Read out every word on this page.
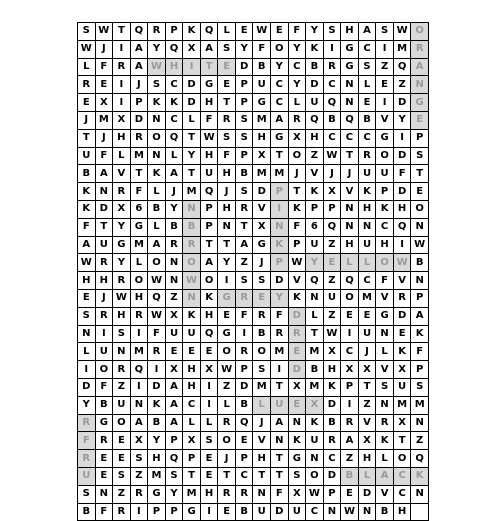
S	W	T	Q	R	P	K	Q	L	E	W	E	F	Y	S	H	A	S	W	O
W	J	I	A	Y	Q	X	A	S	Y	F	O	Y	K	I	G	C	I	M	R
L	F	R	A	W	H	I	T	E	D	B	Y	C	B	R	G	S	Z	Q	A
R	E	I	J	S	C	D	G	E	P	U	C	Y	D	C	N	L	E	Z	N
E	X	I	P	K	K	D	H	T	P	G	C	L	U	Q	N	E	I	D	G
J	M	X	D	N	C	L	F	R	S	M	A	R	Q	B	Q	B	V	Y	E
T	J	H	R	O	Q	T	W	S	S	H	G	X	H	C	C	C	G	I	P
U	F	L	M	N	L	Y	H	F	P	X	T	O	Z	W	T	R	O	D	S
B	A	V	T	K	A	T	U	H	B	M	M	J	V	J	J	U	U	F	T
K	N	R	F	L	J	M	Q	J	S	D	P	T	K	X	V	K	P	D	E
K	D	X	6	B	Y	N	P	H	R	V	I	K	P	P	N	H	K	H	O
F	T	Y	G	L	B	B	P	N	T	X	N	F	6	Q	N	N	C	Q	N
A	U	G	M	A	R	R	T	T	A	G	K	P	U	Z	H	U	H	I	W
W	R	Y	L	O	N	O	A	Y	Z	J	P	W	Y	E	L	L	O	W	B
H	H	R	O	W	N	W	O	I	S	S	D	V	Q	Z	Q	C	F	V	N
E	J	W	H	Q	Z	N	K	G	R	E	Y	K	N	U	O	M	V	R	P
S	R	H	R	W	X	K	H	E	F	R	F	D	L	Z	E	E	G	D	A
N	I	S	I	F	U	U	Q	G	I	B	R	R	T	W	I	U	N	E	K
L	U	N	M	R	E	E	E	O	R	O	M	E	M	X	C	J	L	K	F
I	O	R	Q	I	X	H	X	W	P	S	I	D	B	H	X	X	V	X	P
D	F	Z	I	D	A	H	I	Z	D	M	T	X	M	K	P	T	S	U	S
Y	B	U	N	K	A	C	I	L	B	L	U	E	X	D	I	Z	N	M	M
R	G	O	A	B	A	L	L	R	Q	J	A	N	K	B	R	V	R	X	N
F	R	E	X	Y	P	X	S	O	E	V	N	K	U	R	A	X	K	T	Z
R	E	E	S	H	Q	P	E	J	P	H	T	G	N	C	Z	H	L	O	Q
U	E	S	Z	M	S	T	E	T	C	T	T	S	O	D	B	L	A	C	K
S	N	Z	R	G	Y	M	H	R	R	N	F	X	W	P	E	D	V	C	N
B	F	R	I	P	P	G	I	E	B	U	D	U	C	N	W	N	B	H	
